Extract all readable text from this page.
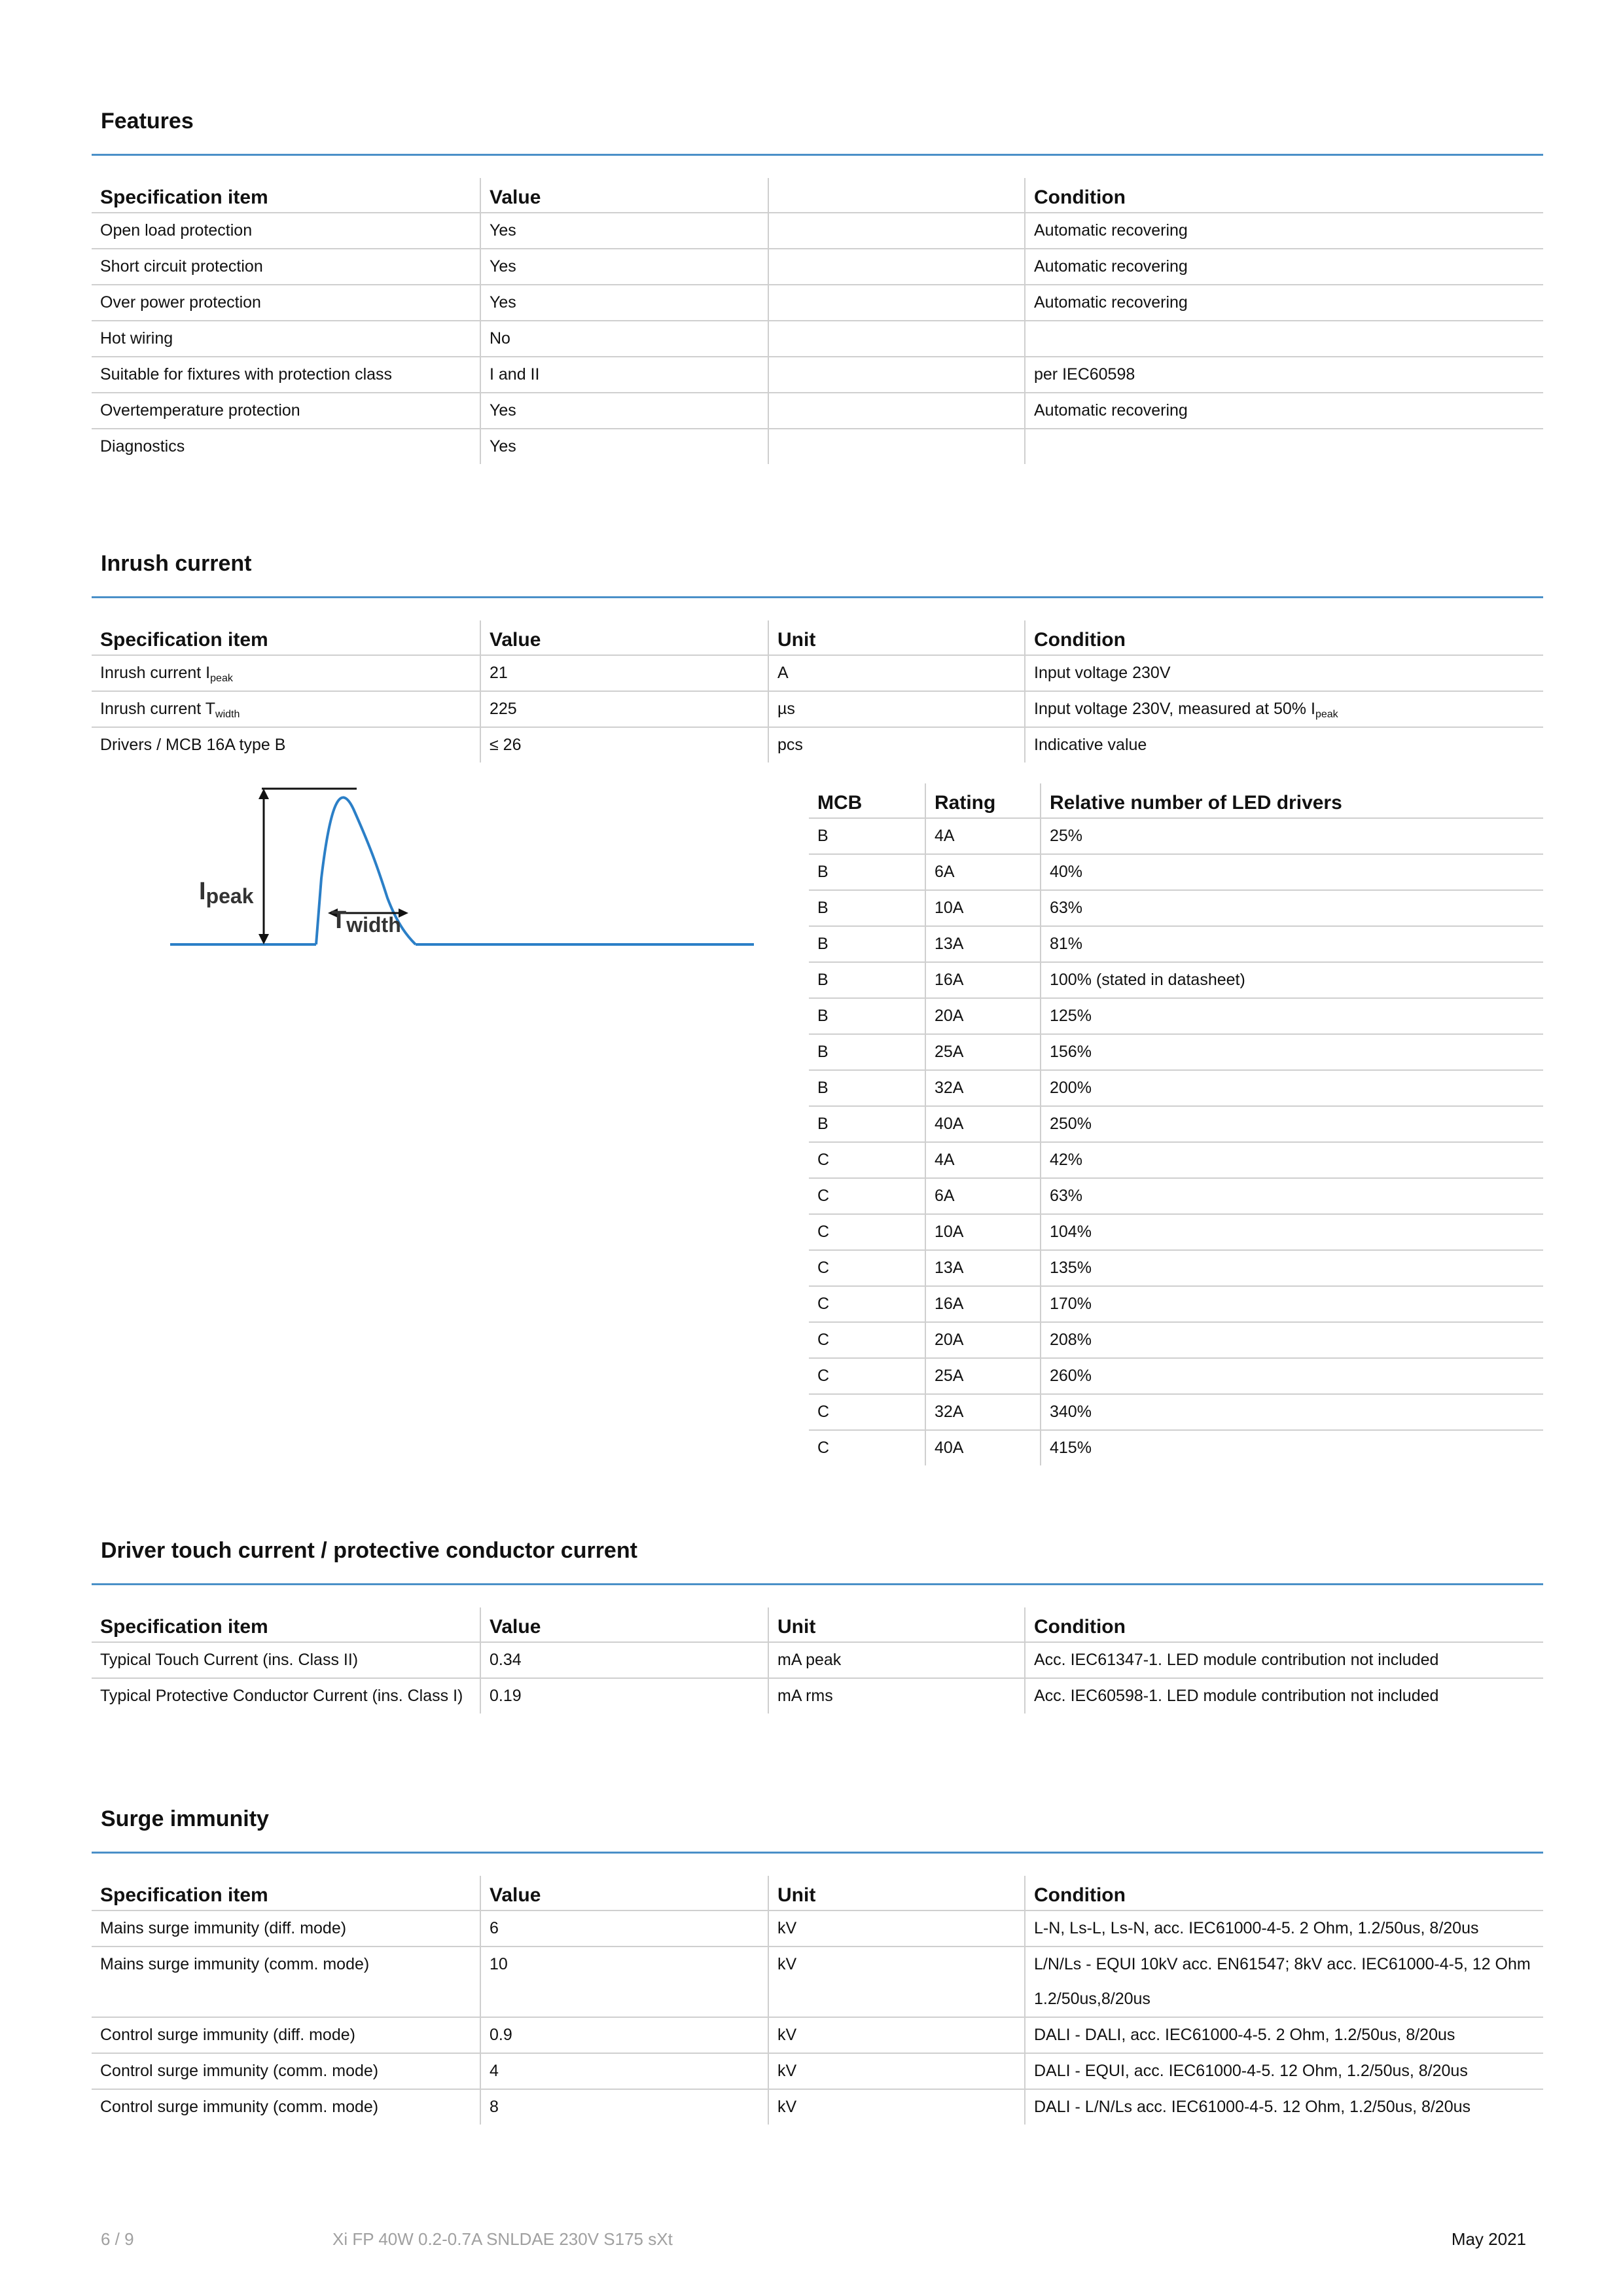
Features
Specification item	Value		Condition
Open load protection	Yes		Automatic recovering
Short circuit protection	Yes		Automatic recovering
Over power protection	Yes		Automatic recovering
Hot wiring	No		
Suitable for fixtures with protection class	I and II		per IEC60598
Overtemperature protection	Yes		Automatic recovering
Diagnostics	Yes		
Inrush current
Specification item	Value	Unit	Condition
Inrush current $I_{peak}$	21	A	Input voltage 230V
Inrush current $T_{width}$	225	µs	Input voltage 230V, measured at 50% $I_{peak}$
Drivers / MCB 16A type B	≤ 26	pcs	Indicative value
Ipeak
Twidth
MCB	Rating	Relative number of LED drivers
B	4A	25%
B	6A	40%
B	10A	63%
B	13A	81%
B	16A	100% (stated in datasheet)
B	20A	125%
B	25A	156%
B	32A	200%
B	40A	250%
C	4A	42%
C	6A	63%
C	10A	104%
C	13A	135%
C	16A	170%
C	20A	208%
C	25A	260%
C	32A	340%
C	40A	415%
Driver touch current / protective conductor current
Specification item	Value	Unit	Condition
Typical Touch Current (ins. Class II)	0.34	mA peak	Acc. IEC61347-1. LED module contribution not included
Typical Protective Conductor Current (ins. Class I)	0.19	mA rms	Acc. IEC60598-1. LED module contribution not included
Surge immunity
Specification item	Value	Unit	Condition
Mains surge immunity (diff. mode)	6	kV	L-N, Ls-L, Ls-N, acc. IEC61000-4-5. 2 Ohm, 1.2/50us, 8/20us
Mains surge immunity (comm. mode)	10	kV	L/N/Ls - EQUI 10kV acc. EN61547; 8kV acc. IEC61000-4-5, 12 Ohm 1.2/50us,8/20us
Control surge immunity (diff. mode)	0.9	kV	DALI - DALI, acc. IEC61000-4-5. 2 Ohm, 1.2/50us, 8/20us
Control surge immunity (comm. mode)	4	kV	DALI - EQUI, acc. IEC61000-4-5. 12 Ohm, 1.2/50us, 8/20us
Control surge immunity (comm. mode)	8	kV	DALI - L/N/Ls acc. IEC61000-4-5. 12 Ohm, 1.2/50us, 8/20us
6 / 9	Xi FP 40W 0.2-0.7A SNLDAE 230V S175 sXt	May 2021
